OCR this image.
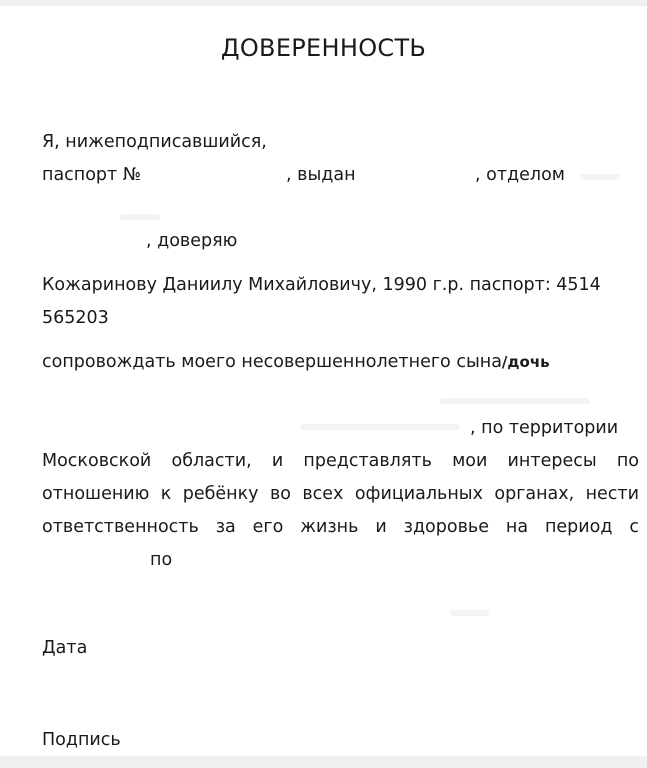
ДОВЕРЕННОСТЬ
Я, нижеподписавшийся,
паспорт №	, выдан	, отделом
, доверяю
Кожаринову Даниилу Михайловичу, 1990 г.р. паспорт: 4514
565203
сопровождать моего несовершеннолетнего сына/дочь
, по территории
Московской области, и представлять мои интересы по
отношению к ребёнку во всех официальных органах, нести
ответственность за его жизнь и здоровье на период с
по
Дата
Подпись
